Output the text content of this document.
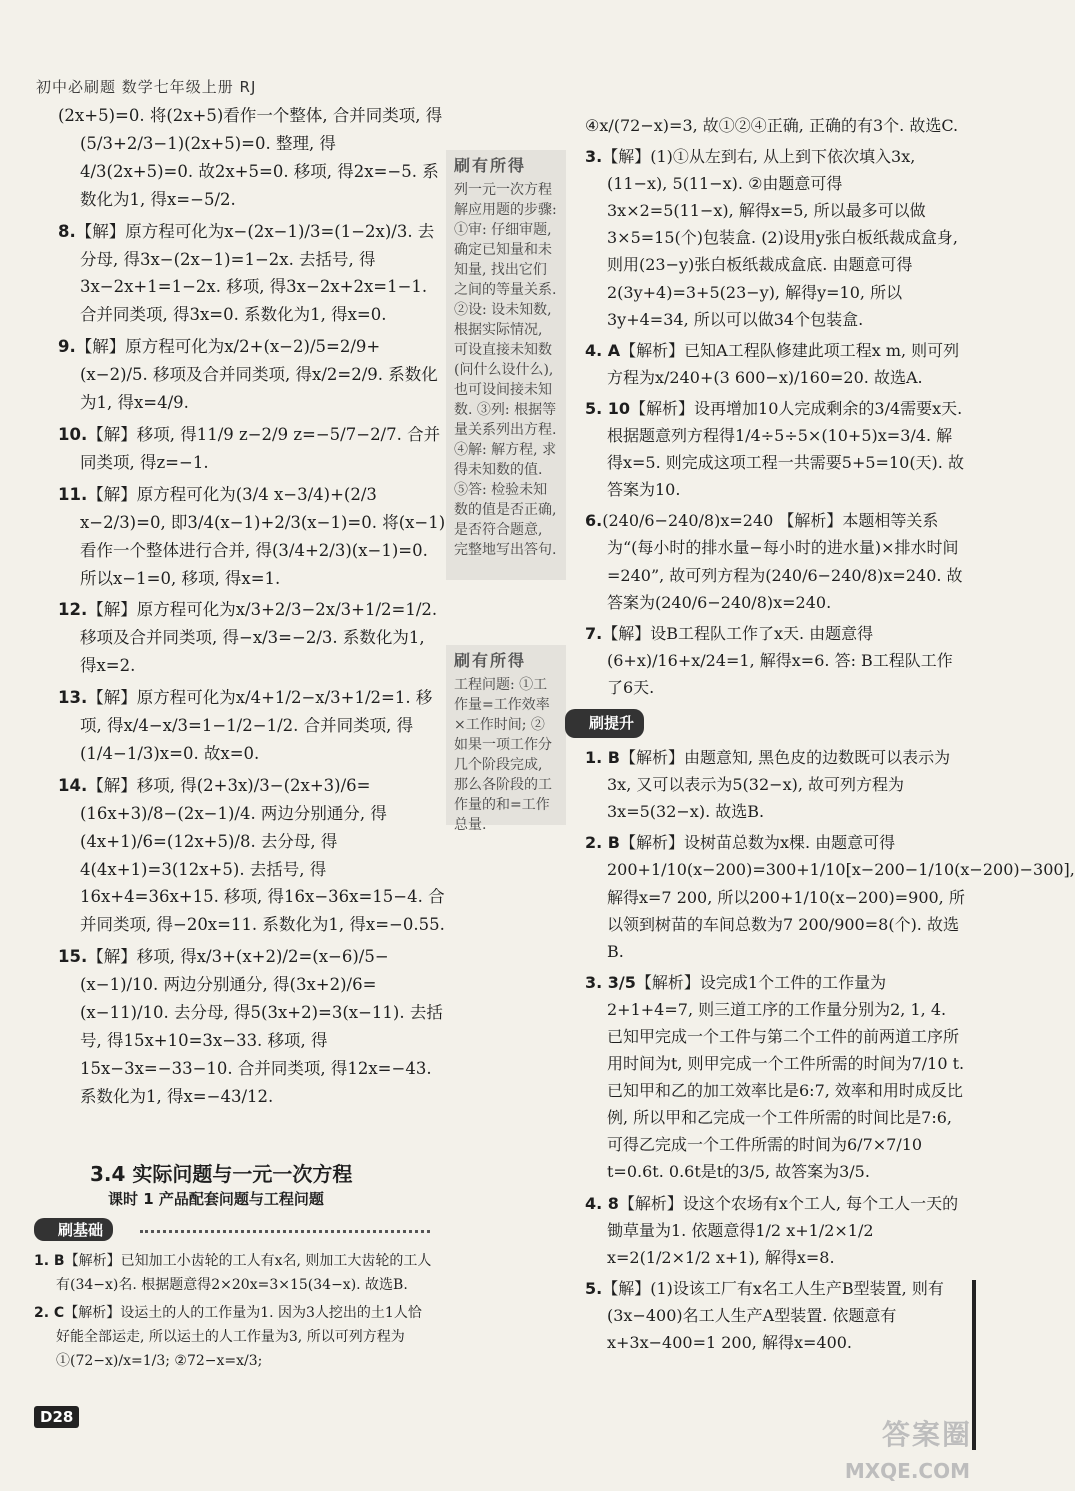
初中必刷题 数学七年级上册 RJ
(2x+5)=0. 将(2x+5)看作一个整体, 合并同类项, 得(5/3+2/3−1)(2x+5)=0. 整理, 得4/3(2x+5)=0. 故2x+5=0. 移项, 得2x=−5. 系数化为1, 得x=−5/2.
8.【解】原方程可化为x−(2x−1)/3=(1−2x)/3. 去分母, 得3x−(2x−1)=1−2x. 去括号, 得3x−2x+1=1−2x. 移项, 得3x−2x+2x=1−1. 合并同类项, 得3x=0. 系数化为1, 得x=0.
9.【解】原方程可化为x/2+(x−2)/5=2/9+(x−2)/5. 移项及合并同类项, 得x/2=2/9. 系数化为1, 得x=4/9.
10.【解】移项, 得11/9 z−2/9 z=−5/7−2/7. 合并同类项, 得z=−1.
11.【解】原方程可化为(3/4 x−3/4)+(2/3 x−2/3)=0, 即3/4(x−1)+2/3(x−1)=0. 将(x−1)看作一个整体进行合并, 得(3/4+2/3)(x−1)=0. 所以x−1=0, 移项, 得x=1.
12.【解】原方程可化为x/3+2/3−2x/3+1/2=1/2. 移项及合并同类项, 得−x/3=−2/3. 系数化为1, 得x=2.
13.【解】原方程可化为x/4+1/2−x/3+1/2=1. 移项, 得x/4−x/3=1−1/2−1/2. 合并同类项, 得(1/4−1/3)x=0. 故x=0.
14.【解】移项, 得(2+3x)/3−(2x+3)/6=(16x+3)/8−(2x−1)/4. 两边分别通分, 得(4x+1)/6=(12x+5)/8. 去分母, 得4(4x+1)=3(12x+5). 去括号, 得16x+4=36x+15. 移项, 得16x−36x=15−4. 合并同类项, 得−20x=11. 系数化为1, 得x=−0.55.
15.【解】移项, 得x/3+(x+2)/2=(x−6)/5−(x−1)/10. 两边分别通分, 得(3x+2)/6=(x−11)/10. 去分母, 得5(3x+2)=3(x−11). 去括号, 得15x+10=3x−33. 移项, 得15x−3x=−33−10. 合并同类项, 得12x=−43. 系数化为1, 得x=−43/12.
刷有所得
列一元一次方程解应用题的步骤: ①审: 仔细审题, 确定已知量和未知量, 找出它们之间的等量关系. ②设: 设未知数, 根据实际情况, 可设直接未知数(问什么设什么), 也可设间接未知数. ③列: 根据等量关系列出方程. ④解: 解方程, 求得未知数的值. ⑤答: 检验未知数的值是否正确, 是否符合题意, 完整地写出答句.
刷有所得
工程问题: ①工作量=工作效率×工作时间; ②如果一项工作分几个阶段完成, 那么各阶段的工作量的和=工作总量.
3.4 实际问题与一元一次方程
课时 1 产品配套问题与工程问题
刷基础
1. B【解析】已知加工小齿轮的工人有x名, 则加工大齿轮的工人有(34−x)名. 根据题意得2×20x=3×15(34−x). 故选B.
2. C【解析】设运土的人的工作量为1. 因为3人挖出的土1人恰好能全部运走, 所以运土的人工作量为3, 所以可列方程为①(72−x)/x=1/3; ②72−x=x/3;
④x/(72−x)=3, 故①②④正确, 正确的有3个. 故选C.
3.【解】(1)①从左到右, 从上到下依次填入3x, (11−x), 5(11−x). ②由题意可得3x×2=5(11−x), 解得x=5, 所以最多可以做3×5=15(个)包装盒. (2)设用y张白板纸裁成盒身, 则用(23−y)张白板纸裁成盒底. 由题意可得2(3y+4)=3+5(23−y), 解得y=10, 所以3y+4=34, 所以可以做34个包装盒.
4. A【解析】已知A工程队修建此项工程x m, 则可列方程为x/240+(3 600−x)/160=20. 故选A.
5. 10【解析】设再增加10人完成剩余的3/4需要x天. 根据题意列方程得1/4÷5÷5×(10+5)x=3/4. 解得x=5. 则完成这项工程一共需要5+5=10(天). 故答案为10.
6.(240/6−240/8)x=240 【解析】本题相等关系为“(每小时的排水量−每小时的进水量)×排水时间=240”, 故可列方程为(240/6−240/8)x=240. 故答案为(240/6−240/8)x=240.
7.【解】设B工程队工作了x天. 由题意得(6+x)/16+x/24=1, 解得x=6. 答: B工程队工作了6天.
刷提升
1. B【解析】由题意知, 黑色皮的边数既可以表示为3x, 又可以表示为5(32−x), 故可列方程为3x=5(32−x). 故选B.
2. B【解析】设树苗总数为x棵. 由题意可得200+1/10(x−200)=300+1/10[x−200−1/10(x−200)−300], 解得x=7 200, 所以200+1/10(x−200)=900, 所以领到树苗的车间总数为7 200/900=8(个). 故选B.
3. 3/5【解析】设完成1个工件的工作量为2+1+4=7, 则三道工序的工作量分别为2, 1, 4. 已知甲完成一个工件与第二个工件的前两道工序所用时间为t, 则甲完成一个工件所需的时间为7/10 t. 已知甲和乙的加工效率比是6:7, 效率和用时成反比例, 所以甲和乙完成一个工件所需的时间比是7:6, 可得乙完成一个工件所需的时间为6/7×7/10 t=0.6t. 0.6t是t的3/5, 故答案为3/5.
4. 8【解析】设这个农场有x个工人, 每个工人一天的锄草量为1. 依题意得1/2 x+1/2×1/2 x=2(1/2×1/2 x+1), 解得x=8.
5.【解】(1)设该工厂有x名工人生产B型装置, 则有(3x−400)名工人生产A型装置. 依题意有x+3x−400=1 200, 解得x=400.
D28
答案圈
MXQE.COM
